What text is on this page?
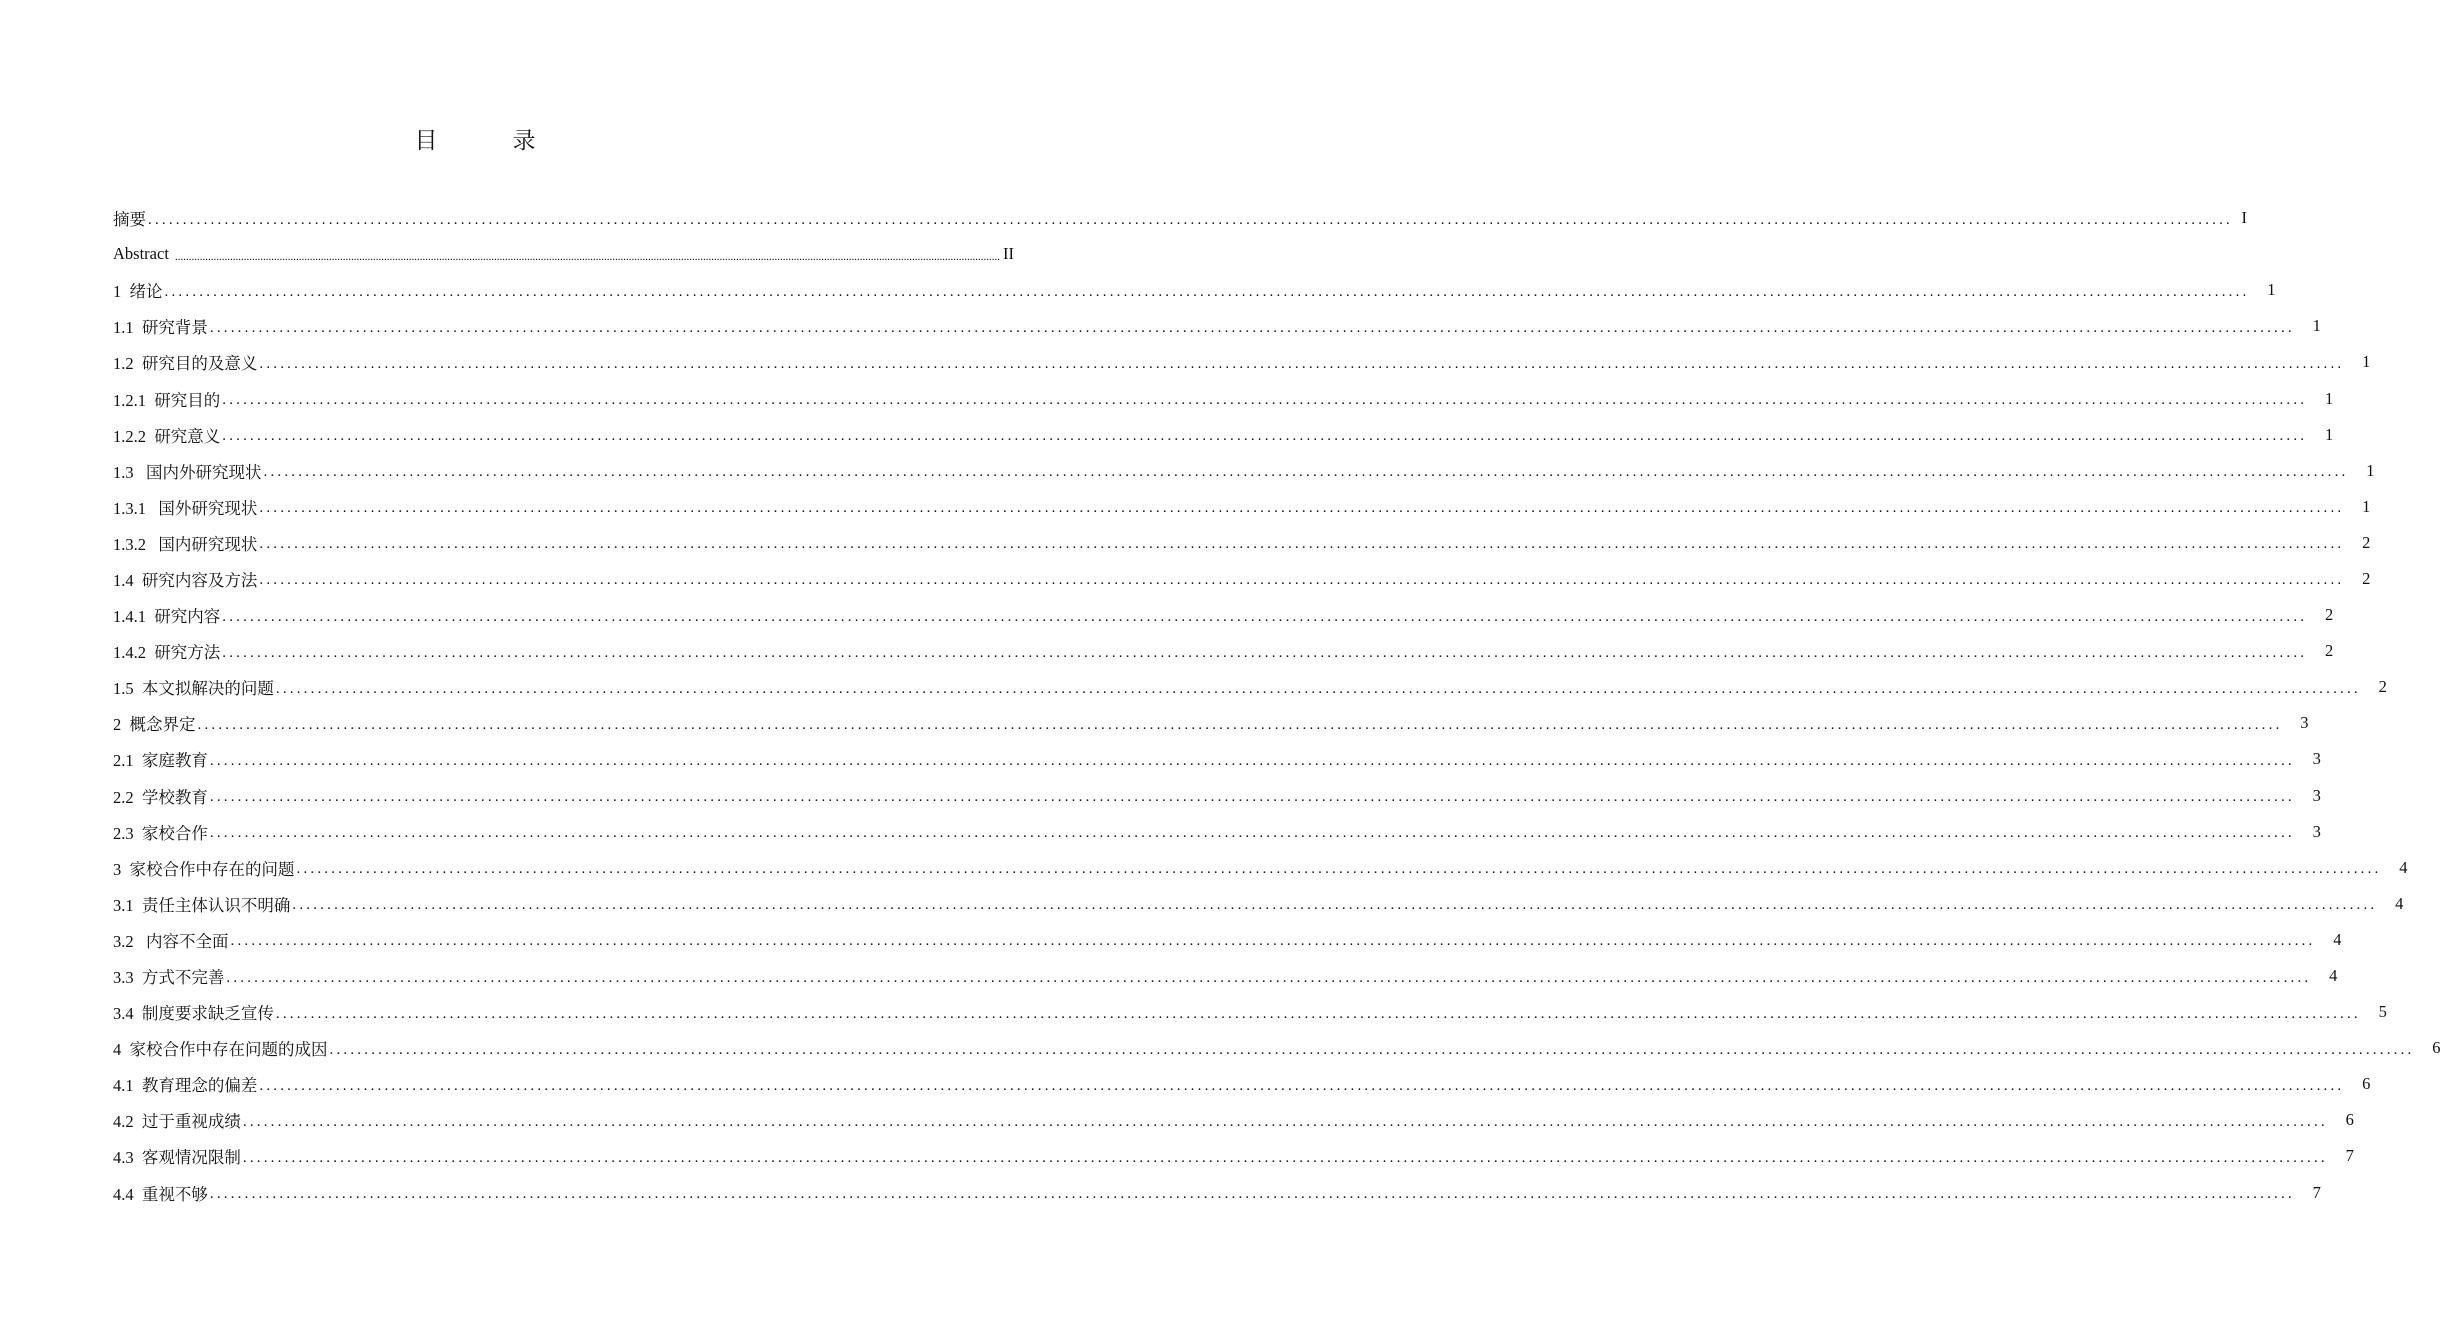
目　录
摘要 ............................................................................................................................................................................................................................................................................................................ I
Abstract ............................................................................................................................................................................................................................................................................................................ II
1  绪论 ............................................................................................................................................................................................................................................................................................................	1
1.1  研究背景 ............................................................................................................................................................................................................................................................................................................	1
1.2  研究目的及意义 ............................................................................................................................................................................................................................................................................................................	1
1.2.1  研究目的 ............................................................................................................................................................................................................................................................................................................	1
1.2.2  研究意义 ............................................................................................................................................................................................................................................................................................................	1
1.3   国内外研究现状 ............................................................................................................................................................................................................................................................................................................	1
1.3.1   国外研究现状 ............................................................................................................................................................................................................................................................................................................	1
1.3.2   国内研究现状 ............................................................................................................................................................................................................................................................................................................	2
1.4  研究内容及方法 ............................................................................................................................................................................................................................................................................................................	2
1.4.1  研究内容 ............................................................................................................................................................................................................................................................................................................	2
1.4.2  研究方法 ............................................................................................................................................................................................................................................................................................................	2
1.5  本文拟解决的问题 ............................................................................................................................................................................................................................................................................................................	2
2  概念界定 ............................................................................................................................................................................................................................................................................................................	3
2.1  家庭教育 ............................................................................................................................................................................................................................................................................................................	3
2.2  学校教育 ............................................................................................................................................................................................................................................................................................................	3
2.3  家校合作 ............................................................................................................................................................................................................................................................................................................	3
3  家校合作中存在的问题 ............................................................................................................................................................................................................................................................................................................	4
3.1  责任主体认识不明确 ............................................................................................................................................................................................................................................................................................................	4
3.2   内容不全面 ............................................................................................................................................................................................................................................................................................................	4
3.3  方式不完善 ............................................................................................................................................................................................................................................................................................................	4
3.4  制度要求缺乏宣传 ............................................................................................................................................................................................................................................................................................................	5
4  家校合作中存在问题的成因 ............................................................................................................................................................................................................................................................................................................	6
4.1  教育理念的偏差 ............................................................................................................................................................................................................................................................................................................	6
4.2  过于重视成绩 ............................................................................................................................................................................................................................................................................................................	6
4.3  客观情况限制 ............................................................................................................................................................................................................................................................................................................	7
4.4  重视不够 ............................................................................................................................................................................................................................................................................................................	7
